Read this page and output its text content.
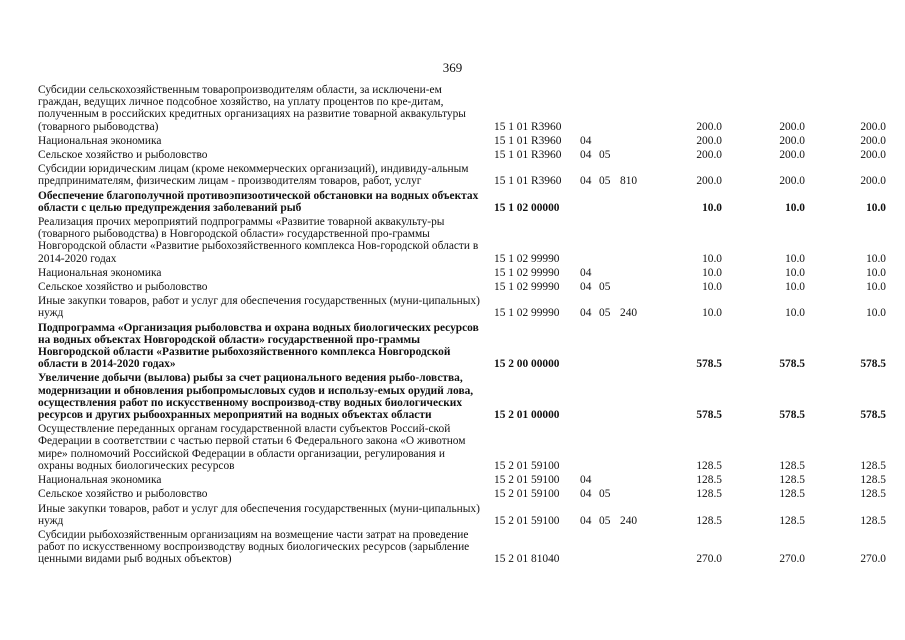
369
Субсидии сельскохозяйственным товаропроизводителям области, за исключени-ем граждан, ведущих личное подсобное хозяйство, на уплату процентов по кре-дитам, полученным в российских кредитных организациях на развитие товарной аквакультуры (товарного рыбоводства)	15 1 01 R3960				200.0	200.0	200.0
Национальная экономика	15 1 01 R3960	04			200.0	200.0	200.0
Сельское хозяйство и рыболовство	15 1 01 R3960	04	05		200.0	200.0	200.0
Субсидии юридическим лицам (кроме некоммерческих организаций), индивиду-альным предпринимателям, физическим лицам - производителям товаров, работ, услуг	15 1 01 R3960	04	05	810	200.0	200.0	200.0
Обеспечение благополучной противоэпизоотической обстановки на водных объектах области с целью предупреждения заболеваний рыб	15 1 02 00000				10.0	10.0	10.0
Реализация прочих мероприятий подпрограммы «Развитие товарной аквакульту-ры (товарного рыбоводства) в Новгородской области» государственной про-граммы Новгородской области «Развитие рыбохозяйственного комплекса Нов-городской области в 2014-2020 годах	15 1 02 99990				10.0	10.0	10.0
Национальная экономика	15 1 02 99990	04			10.0	10.0	10.0
Сельское хозяйство и рыболовство	15 1 02 99990	04	05		10.0	10.0	10.0
Иные закупки товаров, работ и услуг для обеспечения государственных (муни-ципальных) нужд	15 1 02 99990	04	05	240	10.0	10.0	10.0
Подпрограмма «Организация рыболовства и охрана водных биологических ресурсов на водных объектах Новгородской области» государственной про-граммы Новгородской области «Развитие рыбохозяйственного комплекса Новгородской области в 2014-2020 годах»	15 2 00 00000				578.5	578.5	578.5
Увеличение добычи (вылова) рыбы за счет рационального ведения рыбо-ловства, модернизации и обновления рыбопромысловых судов и использу-емых орудий лова, осуществления работ по искусственному воспроизвод-ству водных биологических ресурсов и других рыбоохранных мероприятий на водных объектах области	15 2 01 00000				578.5	578.5	578.5
Осуществление переданных органам государственной власти субъектов Россий-ской Федерации в соответствии с частью первой статьи 6 Федерального закона «О животном мире» полномочий Российской Федерации в области организации, регулирования и охраны водных биологических ресурсов	15 2 01 59100				128.5	128.5	128.5
Национальная экономика	15 2 01 59100	04			128.5	128.5	128.5
Сельское хозяйство и рыболовство	15 2 01 59100	04	05		128.5	128.5	128.5
Иные закупки товаров, работ и услуг для обеспечения государственных (муни-ципальных) нужд	15 2 01 59100	04	05	240	128.5	128.5	128.5
Субсидии рыбохозяйственным организациям на возмещение части затрат на проведение работ по искусственному воспроизводству водных биологических ресурсов (зарыбление ценными видами рыб водных объектов)	15 2 01 81040				270.0	270.0	270.0
